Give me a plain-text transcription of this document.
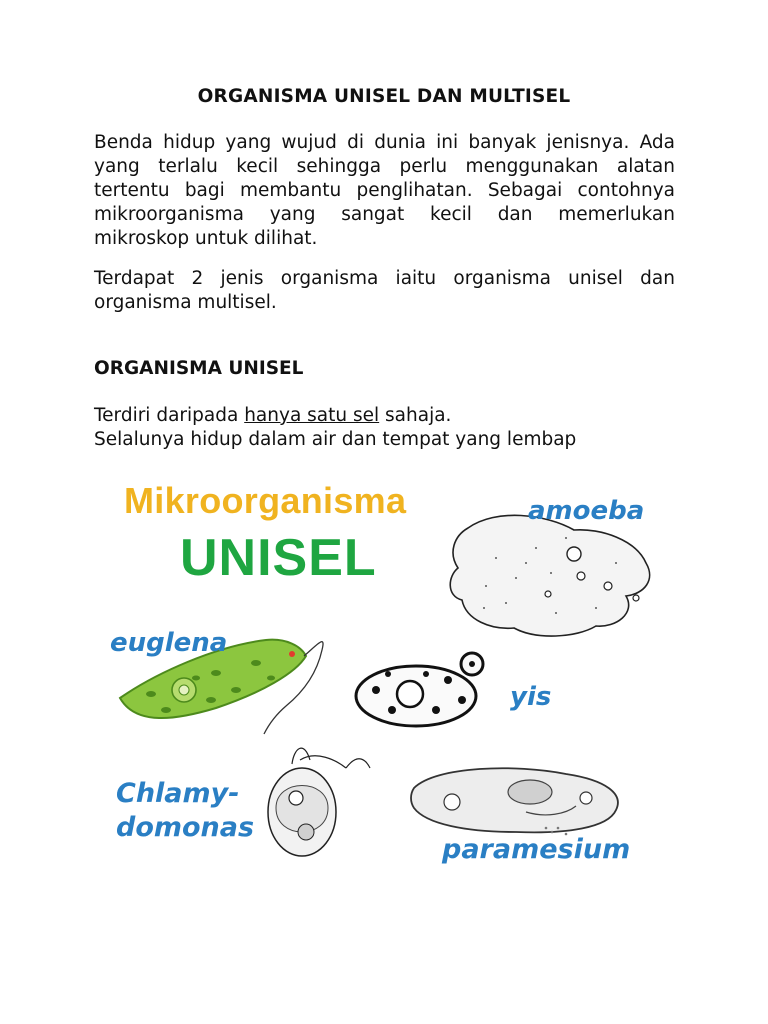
ORGANISMA UNISEL DAN MULTISEL
Benda hidup yang wujud di dunia ini banyak jenisnya. Ada yang terlalu kecil sehingga perlu menggunakan alatan tertentu bagi membantu penglihatan. Sebagai contohnya mikroorganisma yang sangat kecil dan memerlukan mikroskop untuk dilihat.
Terdapat 2 jenis organisma iaitu organisma unisel dan organisma multisel.
ORGANISMA UNISEL
Terdiri daripada hanya satu sel sahaja.
Selalunya hidup dalam air dan tempat yang lembap
Mikroorganisma
UNISEL
amoeba
euglena
yis
Chlamy-
domonas
paramesium
